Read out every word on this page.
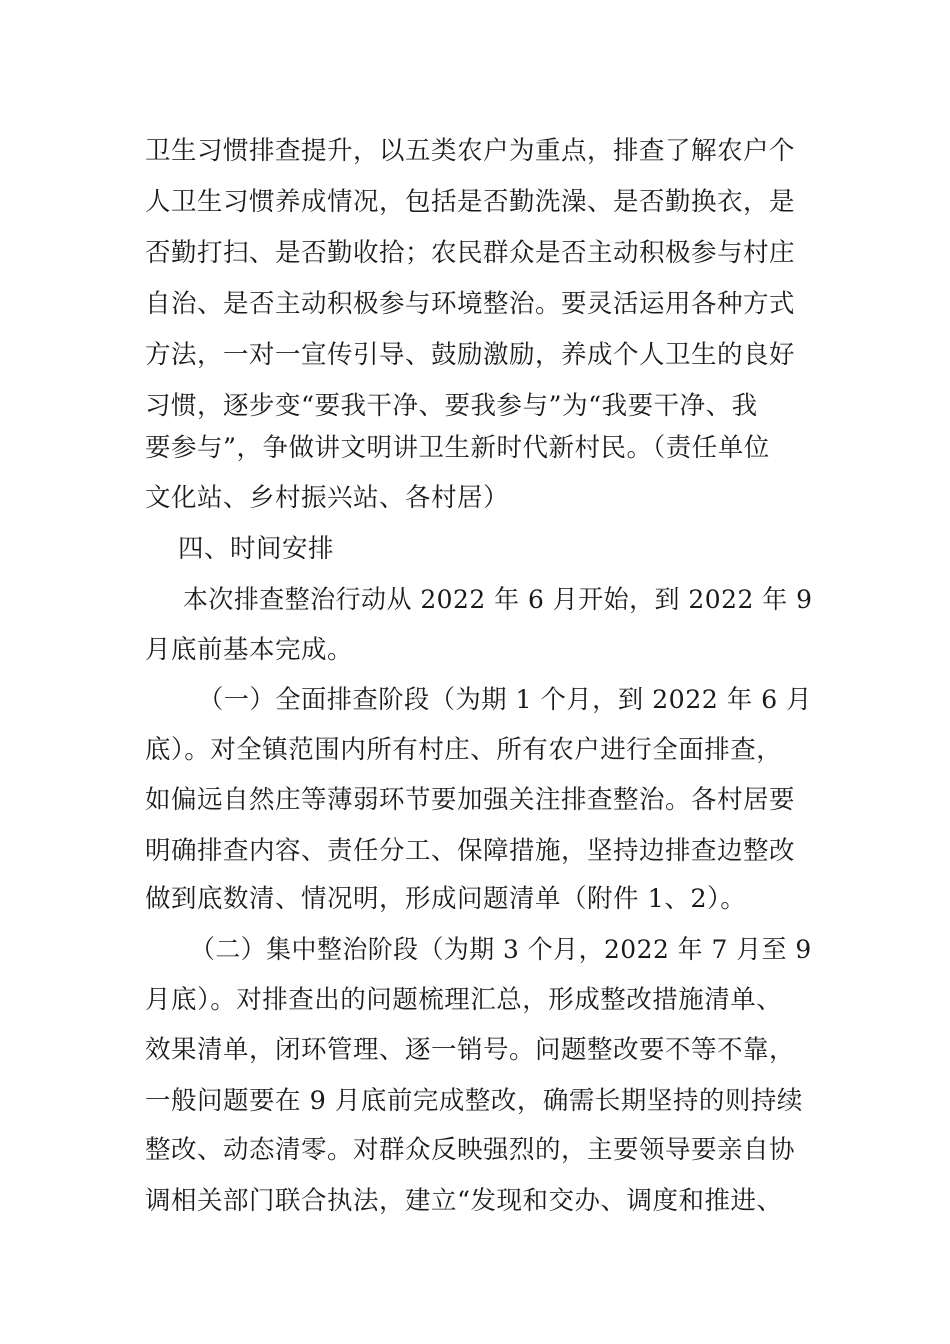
卫生习惯排查提升，以五类农户为重点，排查了解农户个
人卫生习惯养成情况，包括是否勤洗澡、是否勤换衣，是
否勤打扫、是否勤收拾；农民群众是否主动积极参与村庄
自治、是否主动积极参与环境整治。要灵活运用各种方式
方法，一对一宣传引导、鼓励激励，养成个人卫生的良好
习惯，逐步变“要我干净、要我参与”为“我要干净、我
要参与”，争做讲文明讲卫生新时代新村民。（责任单位
文化站、乡村振兴站、各村居）
四、时间安排
本次排查整治行动从 2022 年 6 月开始，到 2022 年 9
月底前基本完成。
（一）全面排查阶段（为期 1 个月，到 2022 年 6 月
底）。对全镇范围内所有村庄、所有农户进行全面排查，
如偏远自然庄等薄弱环节要加强关注排查整治。各村居要
明确排查内容、责任分工、保障措施，坚持边排查边整改
做到底数清、情况明，形成问题清单（附件 1、2）。
（二）集中整治阶段（为期 3 个月，2022 年 7 月至 9
月底）。对排查出的问题梳理汇总，形成整改措施清单、
效果清单，闭环管理、逐一销号。问题整改要不等不靠，
一般问题要在 9 月底前完成整改，确需长期坚持的则持续
整改、动态清零。对群众反映强烈的，主要领导要亲自协
调相关部门联合执法，建立“发现和交办、调度和推进、
